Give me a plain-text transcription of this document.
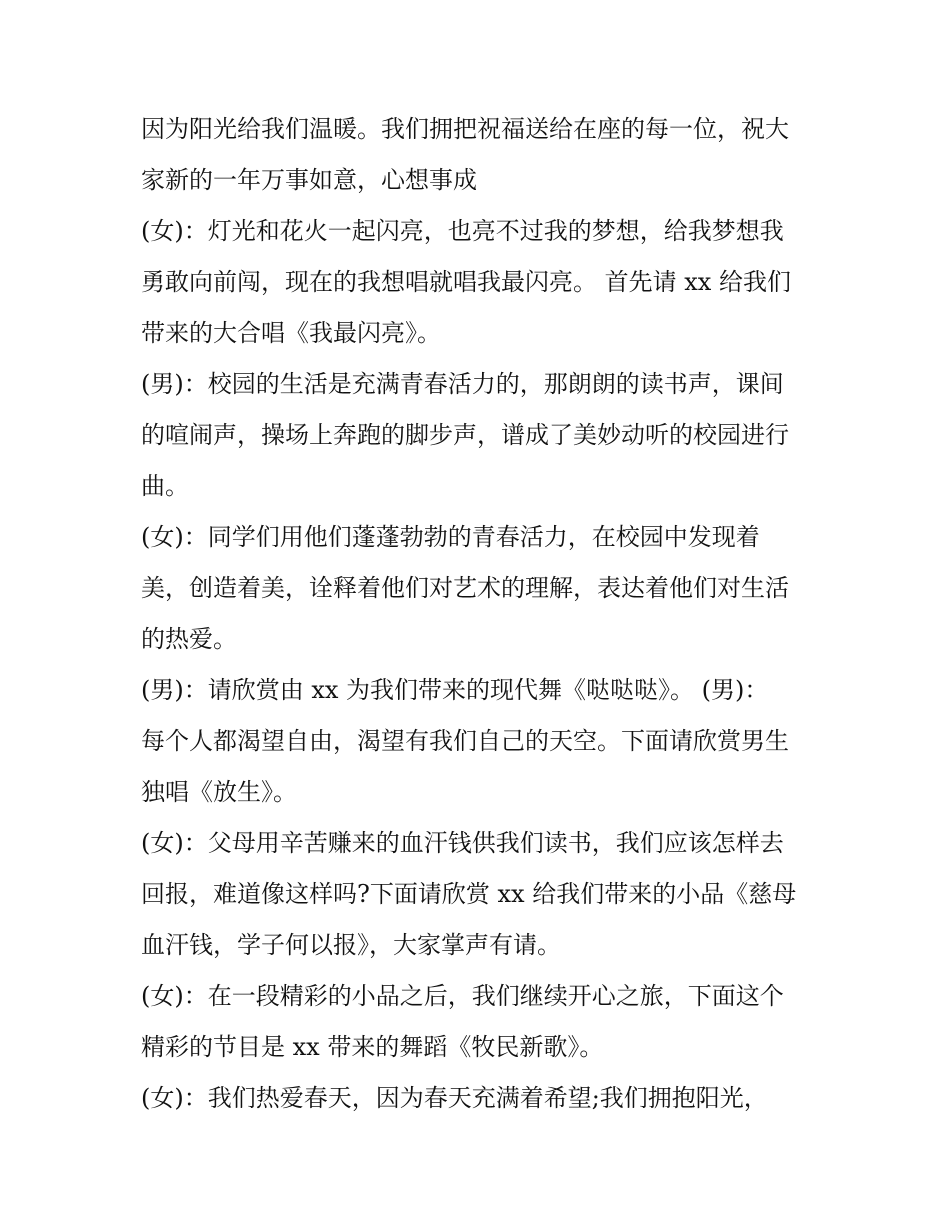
因为阳光给我们温暖。我们拥把祝福送给在座的每一位，祝大
家新的一年万事如意，心想事成
(女)：灯光和花火一起闪亮，也亮不过我的梦想，给我梦想我
勇敢向前闯，现在的我想唱就唱我最闪亮。 首先请 xx 给我们
带来的大合唱《我最闪亮》。
(男)：校园的生活是充满青春活力的，那朗朗的读书声，课间
的喧闹声，操场上奔跑的脚步声，谱成了美妙动听的校园进行
曲。
(女)：同学们用他们蓬蓬勃勃的青春活力，在校园中发现着
美，创造着美，诠释着他们对艺术的理解，表达着他们对生活
的热爱。
(男)：请欣赏由 xx 为我们带来的现代舞《哒哒哒》。 (男)：
每个人都渴望自由，渴望有我们自己的天空。下面请欣赏男生
独唱《放生》。
(女)：父母用辛苦赚来的血汗钱供我们读书，我们应该怎样去
回报，难道像这样吗?下面请欣赏 xx 给我们带来的小品《慈母
血汗钱，学子何以报》，大家掌声有请。
(女)：在一段精彩的小品之后，我们继续开心之旅，下面这个
精彩的节目是 xx 带来的舞蹈《牧民新歌》。
(女)：我们热爱春天，因为春天充满着希望;我们拥抱阳光，
